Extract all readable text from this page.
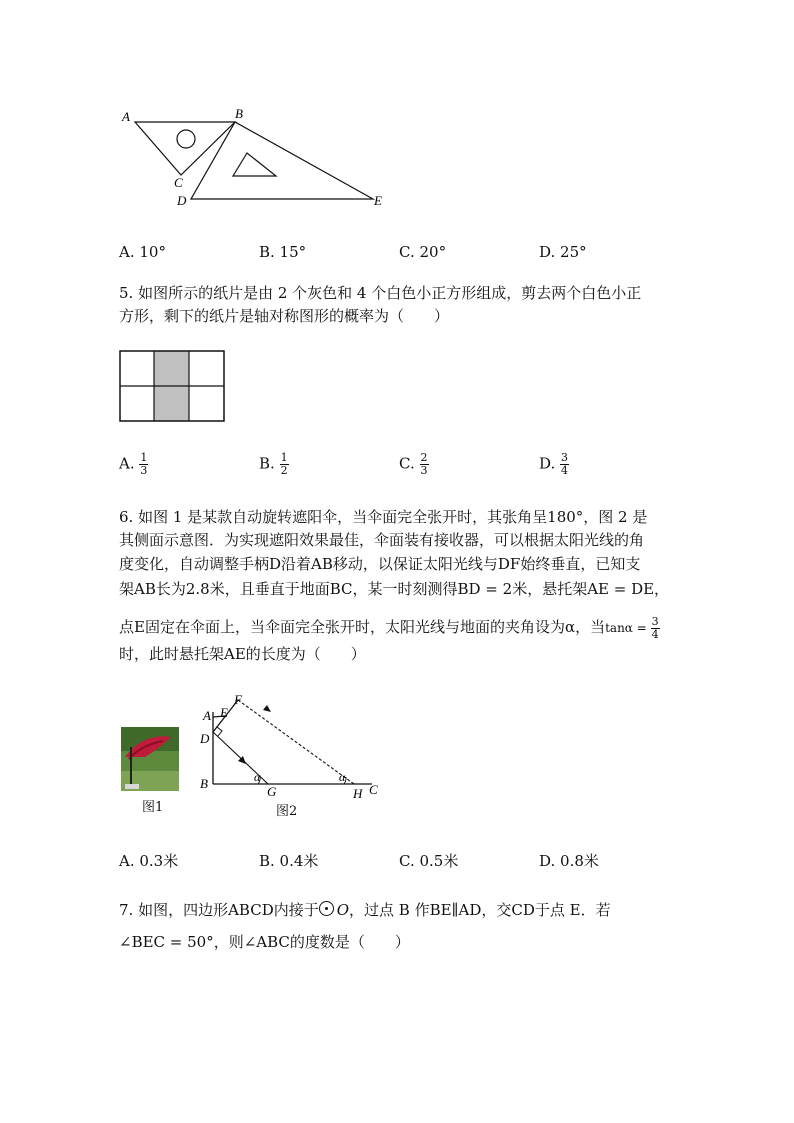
A	B
C
D	E
A. 10°	B. 15°	C. 20°	D. 25°
5. 如图所示的纸片是由 2 个灰色和 4 个白色小正方形组成，剪去两个白色小正
方形，剩下的纸片是轴对称图形的概率为（　　）
A. $\frac{1}{3}$	B. $\frac{1}{2}$	C. $\frac{2}{3}$	D. $\frac{3}{4}$
6. 如图 1 是某款自动旋转遮阳伞，当伞面完全张开时，其张角呈180°，图 2 是
其侧面示意图．为实现遮阳效果最佳，伞面装有接收器，可以根据太阳光线的角
度变化，自动调整手柄D沿着AB移动，以保证太阳光线与DF始终垂直，已知支
架AB长为2.8米，且垂直于地面BC，某一时刻测得BD = 2米，悬托架AE = DE，
点E固定在伞面上，当伞面完全张开时，太阳光线与地面的夹角设为α，当$\tan\alpha = \frac{3}{4}$
时，此时悬托架AE的长度为（　　）
图1
A E
F
D
B	α	α
G	H C
图2
A. 0.3米	B. 0.4米	C. 0.5米	D. 0.8米
7. 如图，四边形ABCD内接于 O，过点 B 作BE∥AD，交CD于点 E．若
∠BEC = 50°，则∠ABC的度数是（　　）
